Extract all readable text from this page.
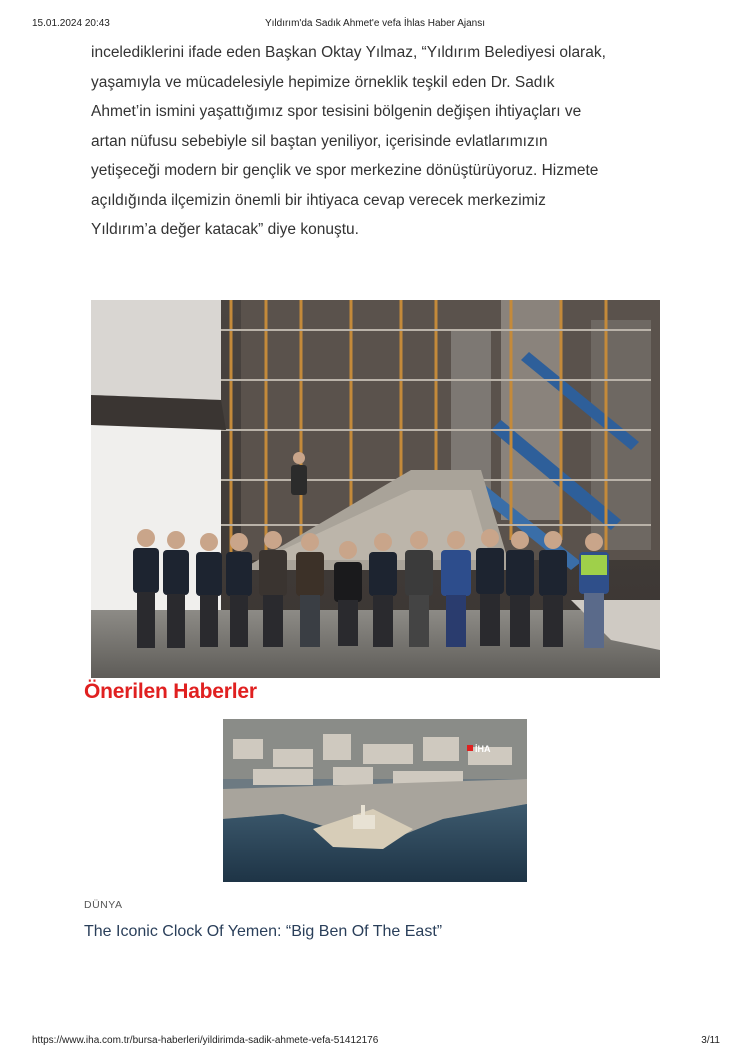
15.01.2024 20:43	Yıldırım'da Sadık Ahmet'e vefa İhlas Haber Ajansı

incelediklerini ifade eden Başkan Oktay Yılmaz, “Yıldırım Belediyesi olarak,
yaşamıyla ve mücadelesiyle hepimize örneklik teşkil eden Dr. Sadık
Ahmet’in ismini yaşattığımız spor tesisini bölgenin değişen ihtiyaçları ve
artan nüfusu sebebiyle sil baştan yeniliyor, içerisinde evlatlarımızın
yetişeceği modern bir gençlik ve spor merkezine dönüştürüyoruz. Hizmete
açıldığında ilçemizin önemli bir ihtiyaca cevap verecek merkezimiz
Yıldırım’a değer katacak” diye konuştu.

Önerilen Haberler
İHA
DÜNYA
The Iconic Clock Of Yemen: “Big Ben Of The East”
https://www.iha.com.tr/bursa-haberleri/yildirimda-sadik-ahmete-vefa-51412176	3/11
